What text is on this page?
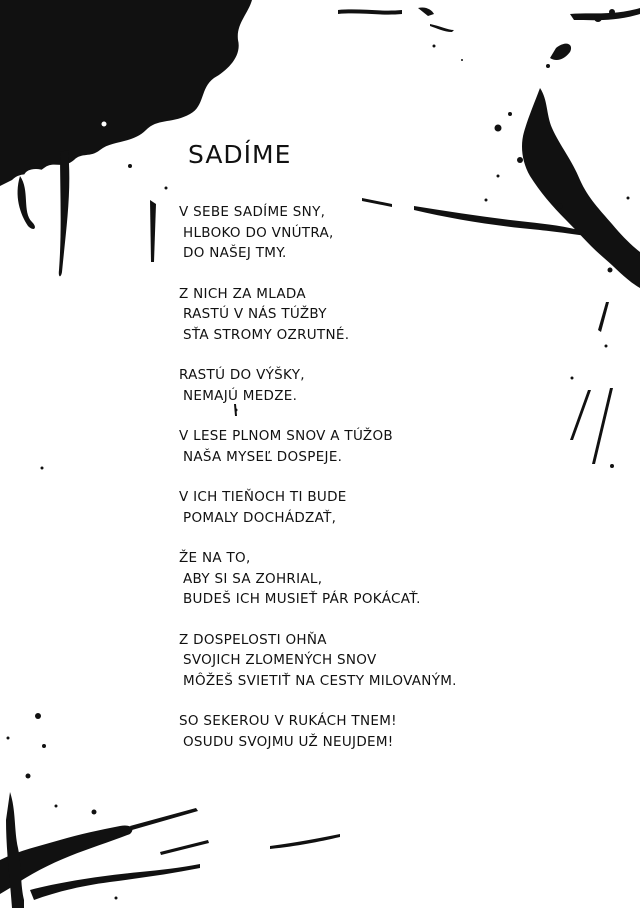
SADÍME
V SEBE SADÍME SNY,
HLBOKO DO VNÚTRA,
DO NAŠEJ TMY.
Z NICH ZA MLADA
RASTÚ V NÁS TÚŽBY
SŤA STROMY OZRUTNÉ.
RASTÚ DO VÝŠKY,
NEMAJÚ MEDZE.
V LESE PLNOM SNOV A TÚŽOB
NAŠA MYSEĽ DOSPEJE.
V ICH TIEŇOCH TI BUDE
POMALY DOCHÁDZAŤ,
ŽE NA TO,
ABY SI SA ZOHRIAL,
BUDEŠ ICH MUSIEŤ PÁR POKÁCAŤ.
Z DOSPELOSTI OHŇA
SVOJICH ZLOMENÝCH SNOV
MÔŽEŠ SVIETIŤ NA CESTY MILOVANÝM.
SO SEKEROU V RUKÁCH TNEM!
OSUDU SVOJMU UŽ NEUJDEM!
